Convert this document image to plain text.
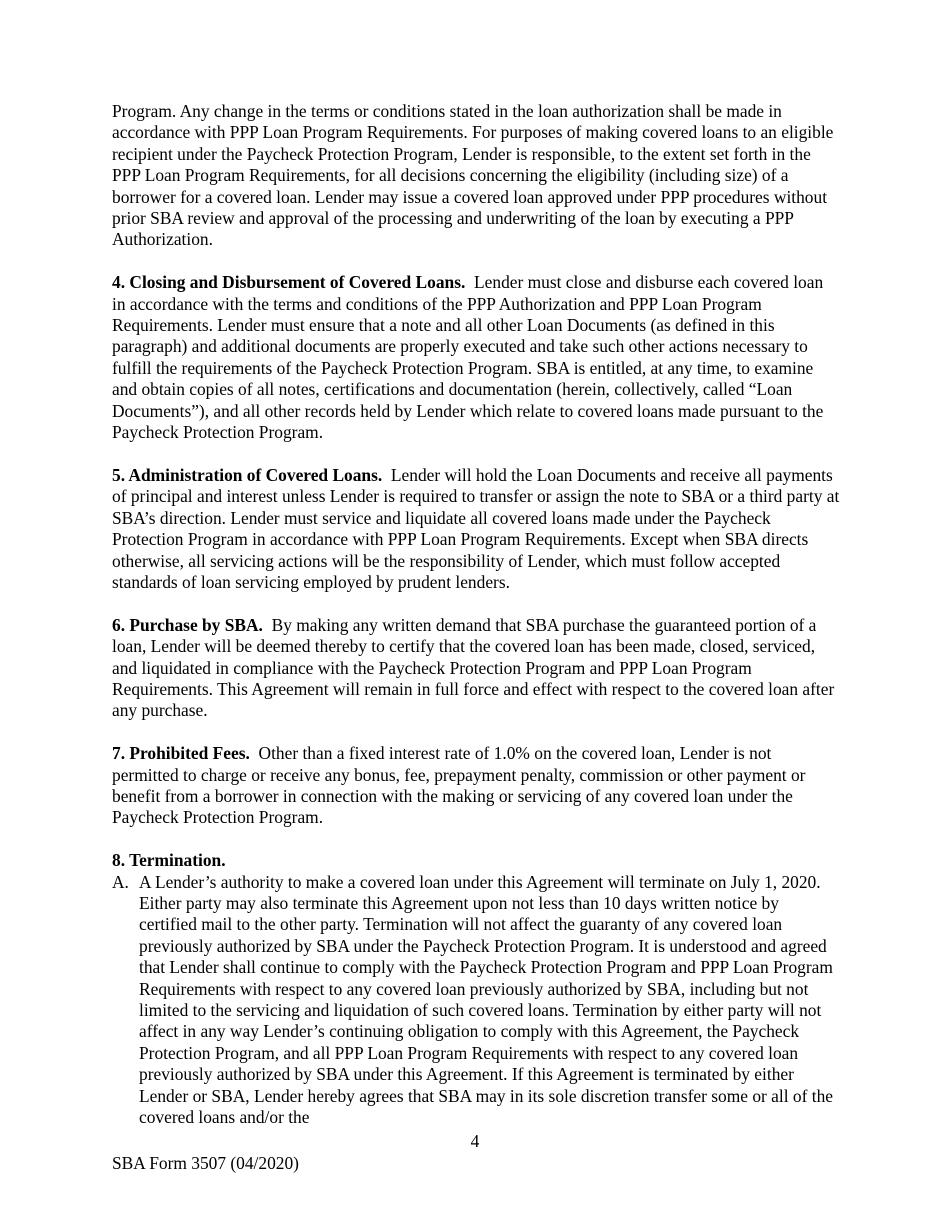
Program. Any change in the terms or conditions stated in the loan authorization shall be made in accordance with PPP Loan Program Requirements. For purposes of making covered loans to an eligible recipient under the Paycheck Protection Program, Lender is responsible, to the extent set forth in the PPP Loan Program Requirements, for all decisions concerning the eligibility (including size) of a borrower for a covered loan. Lender may issue a covered loan approved under PPP procedures without prior SBA review and approval of the processing and underwriting of the loan by executing a PPP Authorization.

4. Closing and Disbursement of Covered Loans. Lender must close and disburse each covered loan in accordance with the terms and conditions of the PPP Authorization and PPP Loan Program Requirements. Lender must ensure that a note and all other Loan Documents (as defined in this paragraph) and additional documents are properly executed and take such other actions necessary to fulfill the requirements of the Paycheck Protection Program. SBA is entitled, at any time, to examine and obtain copies of all notes, certifications and documentation (herein, collectively, called “Loan Documents”), and all other records held by Lender which relate to covered loans made pursuant to the Paycheck Protection Program.

5. Administration of Covered Loans. Lender will hold the Loan Documents and receive all payments of principal and interest unless Lender is required to transfer or assign the note to SBA or a third party at SBA’s direction. Lender must service and liquidate all covered loans made under the Paycheck Protection Program in accordance with PPP Loan Program Requirements. Except when SBA directs otherwise, all servicing actions will be the responsibility of Lender, which must follow accepted standards of loan servicing employed by prudent lenders.

6. Purchase by SBA. By making any written demand that SBA purchase the guaranteed portion of a loan, Lender will be deemed thereby to certify that the covered loan has been made, closed, serviced, and liquidated in compliance with the Paycheck Protection Program and PPP Loan Program Requirements. This Agreement will remain in full force and effect with respect to the covered loan after any purchase.

7. Prohibited Fees. Other than a fixed interest rate of 1.0% on the covered loan, Lender is not permitted to charge or receive any bonus, fee, prepayment penalty, commission or other payment or benefit from a borrower in connection with the making or servicing of any covered loan under the Paycheck Protection Program.

8. Termination.
A. A Lender’s authority to make a covered loan under this Agreement will terminate on July 1, 2020. Either party may also terminate this Agreement upon not less than 10 days written notice by certified mail to the other party. Termination will not affect the guaranty of any covered loan previously authorized by SBA under the Paycheck Protection Program. It is understood and agreed that Lender shall continue to comply with the Paycheck Protection Program and PPP Loan Program Requirements with respect to any covered loan previously authorized by SBA, including but not limited to the servicing and liquidation of such covered loans. Termination by either party will not affect in any way Lender’s continuing obligation to comply with this Agreement, the Paycheck Protection Program, and all PPP Loan Program Requirements with respect to any covered loan previously authorized by SBA under this Agreement. If this Agreement is terminated by either Lender or SBA, Lender hereby agrees that SBA may in its sole discretion transfer some or all of the covered loans and/or the
4
SBA Form 3507 (04/2020)
